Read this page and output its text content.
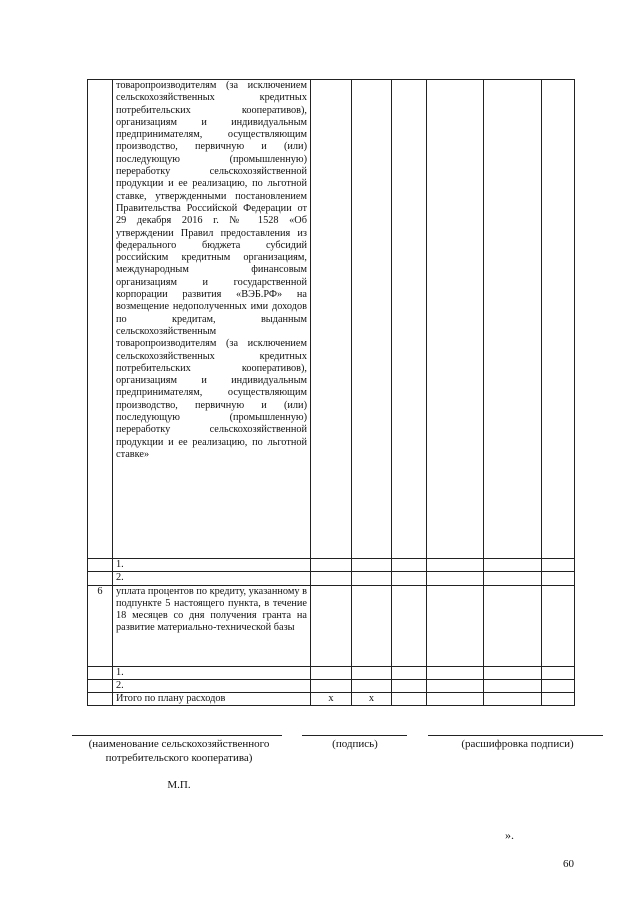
	товаропроизводителям (за исключением сельскохозяйственных кредитных потребительских кооперативов), организациям и индивидуальным предпринимателям, осуществляющим производство, первичную и (или) последующую (промышленную) переработку сельскохозяйственной продукции и ее реализацию, по льготной ставке, утвержденными постановлением Правительства Российской Федерации от 29 декабря 2016 г. № 1528 «Об утверждении Правил предоставления из федерального бюджета субсидий российским кредитным организациям, международным финансовым организациям и государственной корпорации развития «ВЭБ.РФ» на возмещение недополученных ими доходов по кредитам, выданным сельскохозяйственным товаропроизводителям (за исключением сельскохозяйственных кредитных потребительских кооперативов), организациям и индивидуальным предпринимателям, осуществляющим производство, первичную и (или) последующую (промышленную) переработку сельскохозяйственной продукции и ее реализацию, по льготной ставке»						
	1.						
	2.						
6	уплата процентов по кредиту, указанному в подпункте 5 настоящего пункта, в течение 18 месяцев со дня получения гранта на развитие материально-технической базы						
	1.						
	2.						
	Итого по плану расходов	x	x				
(наименование сельскохозяйственного потребительского кооператива)
М.П.
(подпись)	(расшифровка подписи)
».
60
